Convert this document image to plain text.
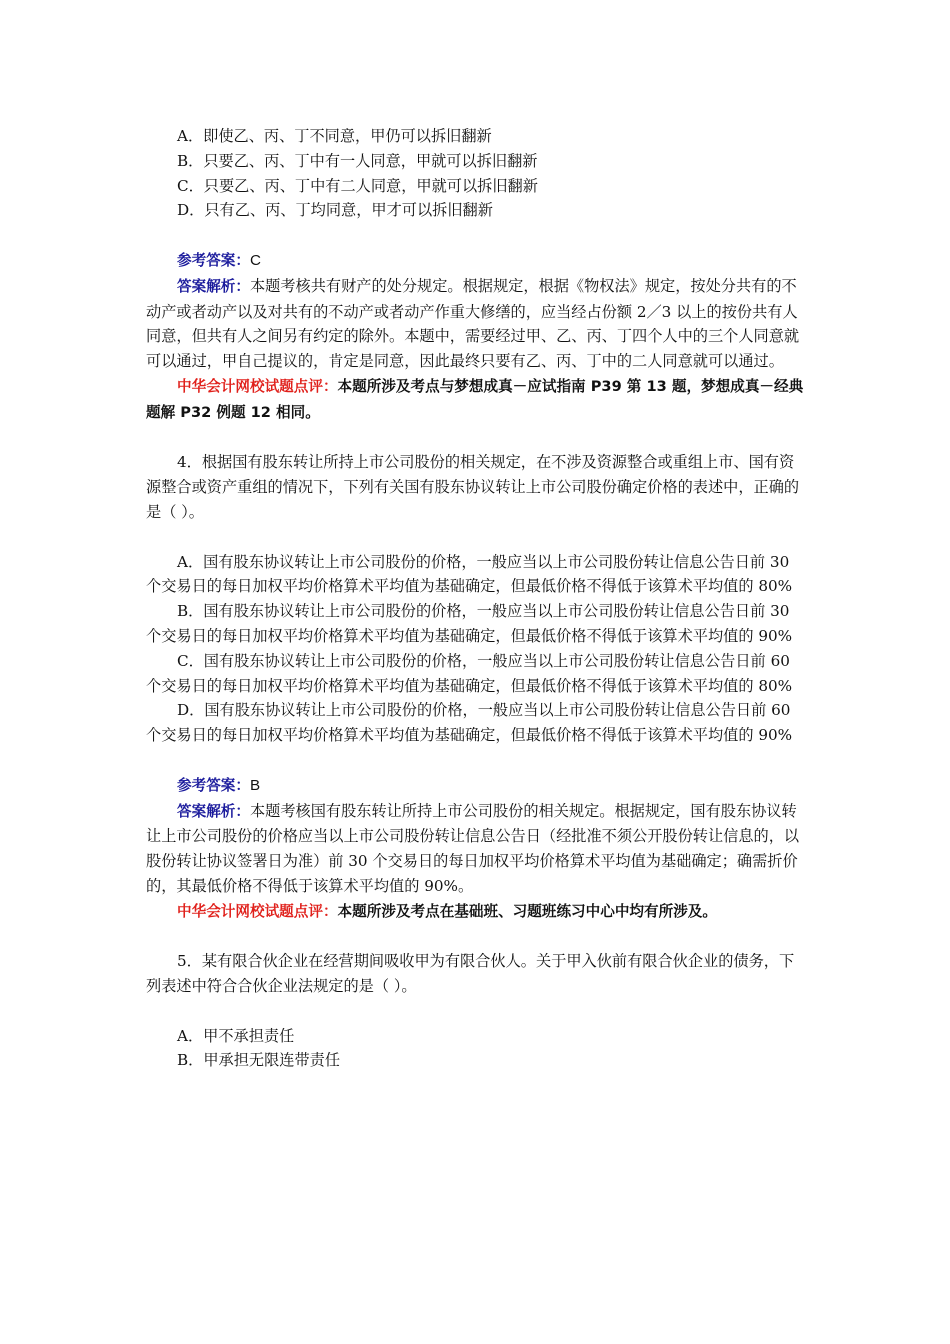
A．即使乙、丙、丁不同意，甲仍可以拆旧翻新

B．只要乙、丙、丁中有一人同意，甲就可以拆旧翻新

C．只要乙、丙、丁中有二人同意，甲就可以拆旧翻新

D．只有乙、丙、丁均同意，甲才可以拆旧翻新

参考答案：C

答案解析：本题考核共有财产的处分规定。根据规定，根据《物权法》规定，按处分共有的不动产或者动产以及对共有的不动产或者动产作重大修缮的，应当经占份额 2／3 以上的按份共有人同意，但共有人之间另有约定的除外。本题中，需要经过甲、乙、丙、丁四个人中的三个人同意就可以通过，甲自己提议的，肯定是同意，因此最终只要有乙、丙、丁中的二人同意就可以通过。

中华会计网校试题点评：本题所涉及考点与梦想成真－应试指南 P39 第 13 题，梦想成真－经典题解 P32 例题 12 相同。

4．根据国有股东转让所持上市公司股份的相关规定，在不涉及资源整合或重组上市、国有资源整合或资产重组的情况下，下列有关国有股东协议转让上市公司股份确定价格的表述中，正确的是（ ）。

A．国有股东协议转让上市公司股份的价格，一般应当以上市公司股份转让信息公告日前 30 个交易日的每日加权平均价格算术平均值为基础确定，但最低价格不得低于该算术平均值的 80%

B．国有股东协议转让上市公司股份的价格，一般应当以上市公司股份转让信息公告日前 30 个交易日的每日加权平均价格算术平均值为基础确定，但最低价格不得低于该算术平均值的 90%

C．国有股东协议转让上市公司股份的价格，一般应当以上市公司股份转让信息公告日前 60 个交易日的每日加权平均价格算术平均值为基础确定，但最低价格不得低于该算术平均值的 80%

D．国有股东协议转让上市公司股份的价格，一般应当以上市公司股份转让信息公告日前 60 个交易日的每日加权平均价格算术平均值为基础确定，但最低价格不得低于该算术平均值的 90%

参考答案：B

答案解析：本题考核国有股东转让所持上市公司股份的相关规定。根据规定，国有股东协议转让上市公司股份的价格应当以上市公司股份转让信息公告日（经批准不须公开股份转让信息的，以股份转让协议签署日为准）前 30 个交易日的每日加权平均价格算术平均值为基础确定；确需折价的，其最低价格不得低于该算术平均值的 90%。

中华会计网校试题点评：本题所涉及考点在基础班、习题班练习中心中均有所涉及。

5．某有限合伙企业在经营期间吸收甲为有限合伙人。关于甲入伙前有限合伙企业的债务，下列表述中符合合伙企业法规定的是（ ）。

A．甲不承担责任

B．甲承担无限连带责任
